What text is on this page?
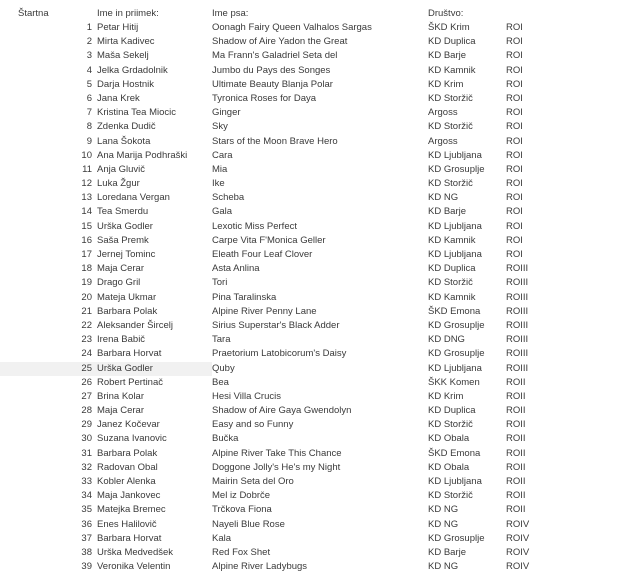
Štartna	Ime in priimek:	Ime psa:	Društvo:
1 Petar Hitij	Oonagh Fairy Queen Valhalos Sargas	ŠKD Krim	ROI
2 Mirta Kadivec	Shadow of Aire Yadon the Great	KD Duplica	ROI
3 Maša Sekelj	Ma Frann's Galadriel Seta del	KD Barje	ROI
4 Jelka Grdadolnik	Jumbo du Pays des Songes	KD Kamnik	ROI
5 Darja Hostnik	Ultimate Beauty Blanja Polar	KD Krim	ROI
6 Jana Krek	Tyronica Roses for Daya	KD Storžič	ROI
7 Kristina Tea Miocic	Ginger	Argoss	ROI
8 Zdenka Dudič	Sky	KD Storžič	ROI
9 Lana Šokota	Stars of the Moon Brave Hero	Argoss	ROI
10 Ana Marija Podhraški	Cara	KD Ljubljana	ROI
11 Anja Gluvič	Mia	KD Grosuplje	ROI
12 Luka Žgur	Ike	KD Storžič	ROI
13 Loredana Vergan	Scheba	KD NG	ROI
14 Tea Smerdu	Gala	KD Barje	ROI
15 Urška Godler	Lexotic Miss Perfect	KD Ljubljana	ROI
16 Saša Premk	Carpe Vita F'Monica Geller	KD Kamnik	ROI
17 Jernej Tominc	Eleath Four Leaf Clover	KD Ljubljana	ROI
18 Maja Cerar	Asta Anlina	KD Duplica	ROIII
19 Drago Gril	Tori	KD Storžič	ROIII
20 Mateja Ukmar	Pina Taralinska	KD Kamnik	ROIII
21 Barbara Polak	Alpine River Penny Lane	ŠKD Emona	ROIII
22 Aleksander Šircelj	Sirius Superstar's Black Adder	KD Grosuplje	ROIII
23 Irena Babič	Tara	KD DNG	ROIII
24 Barbara Horvat	Praetorium Latobicorum's Daisy	KD Grosuplje	ROIII
25 Urška Godler	Quby	KD Ljubljana	ROIII
26 Robert Pertinač	Bea	ŠKK Komen	ROII
27 Brina Kolar	Hesi Villa Crucis	KD Krim	ROII
28 Maja Cerar	Shadow of Aire Gaya Gwendolyn	KD Duplica	ROII
29 Janez Kočevar	Easy and so Funny	KD Storžič	ROII
30 Suzana Ivanovic	Bučka	KD Obala	ROII
31 Barbara Polak	Alpine River Take This Chance	ŠKD Emona	ROII
32 Radovan Obal	Doggone Jolly's He's my Night	KD Obala	ROII
33 Kobler Alenka	Mairin Seta del Oro	KD Ljubljana	ROII
34 Maja Jankovec	Mel iz Dobrče	KD Storžič	ROII
35 Matejka Bremec	Trčkova Fiona	KD NG	ROII
36 Enes Halilovič	Nayeli Blue Rose	KD NG	ROIV
37 Barbara Horvat	Kala	KD Grosuplje	ROIV
38 Urška Medvedšek	Red Fox Shet	KD Barje	ROIV
39 Veronika Velentin	Alpine River Ladybugs	KD NG	ROIV
